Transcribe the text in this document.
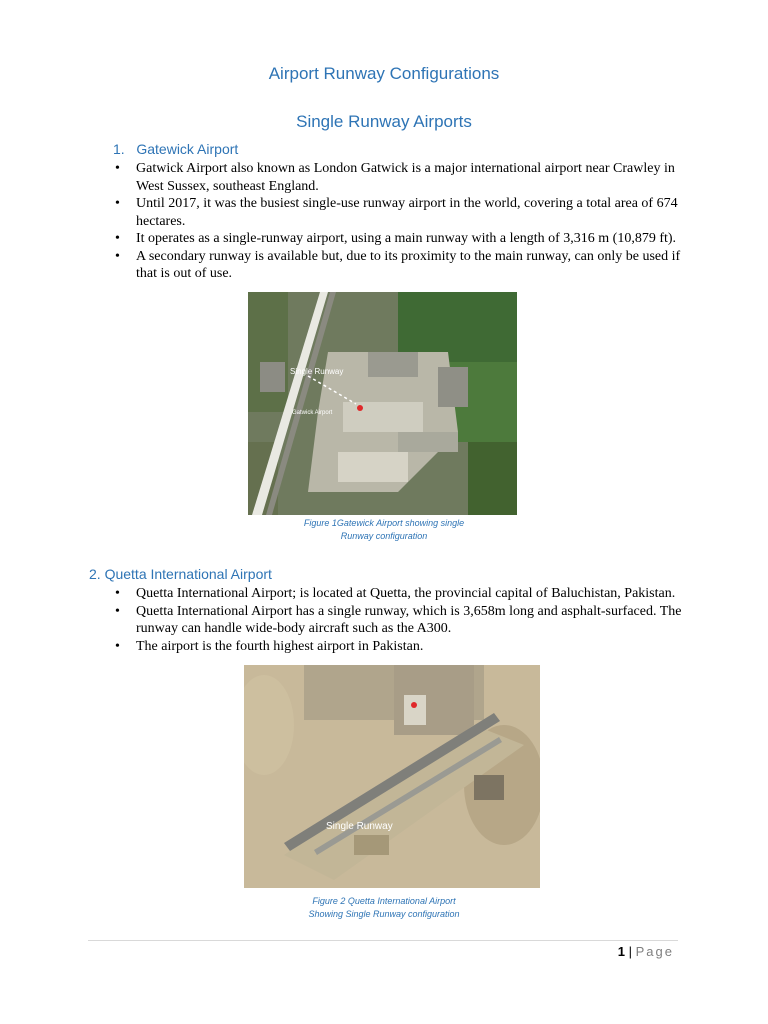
Airport Runway Configurations
Single Runway Airports
1. Gatewick Airport
• Gatwick Airport also known as London Gatwick is a major international airport near Crawley in West Sussex, southeast England.
• Until 2017, it was the busiest single-use runway airport in the world, covering a total area of 674 hectares.
• It operates as a single-runway airport, using a main runway with a length of 3,316 m (10,879 ft).
• A secondary runway is available but, due to its proximity to the main runway, can only be used if that is out of use.
Single Runway
Gatwick Airport
Figure 1Gatewick Airport showing single
Runway configuration
2. Quetta International Airport
• Quetta International Airport; is located at Quetta, the provincial capital of Baluchistan, Pakistan.
• Quetta International Airport has a single runway, which is 3,658m long and asphalt-surfaced. The runway can handle wide-body aircraft such as the A300.
• The airport is the fourth highest airport in Pakistan.
Single Runway
Figure 2 Quetta International Airport
Showing Single Runway configuration
1 | Page
